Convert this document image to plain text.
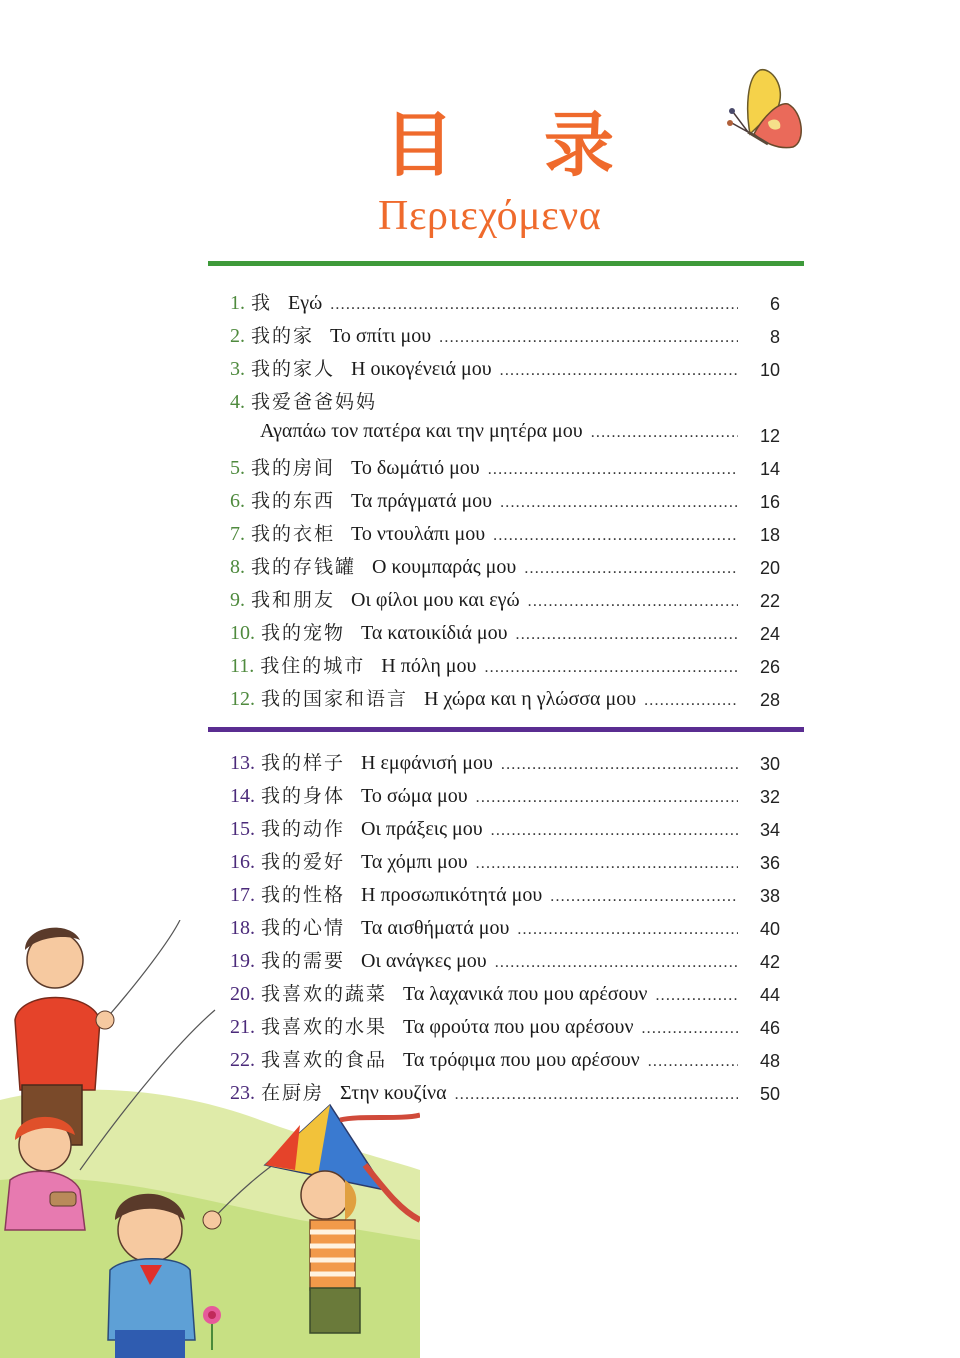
目 录
Περιεχόμενα
1. 我 Εγώ .....	6
2. 我的家 Το σπίτι μου .....	8
3. 我的家人 Η οικογένειά μου .....	10
4. 我爱爸爸妈妈
Αγαπάω τον πατέρα και την μητέρα μου .....	12
5. 我的房间 Το δωμάτιό μου .....	14
6. 我的东西 Τα πράγματά μου .....	16
7. 我的衣柜 Το ντουλάπι μου .....	18
8. 我的存钱罐 Ο κουμπαράς μου .....	20
9. 我和朋友 Οι φίλοι μου και εγώ .....	22
10. 我的宠物 Τα κατοικίδιά μου .....	24
11. 我住的城市 Η πόλη μου .....	26
12. 我的国家和语言 Η χώρα και η γλώσσα μου .....	28
13. 我的样子 Η εμφάνισή μου .....	30
14. 我的身体 Το σώμα μου .....	32
15. 我的动作 Οι πράξεις μου .....	34
16. 我的爱好 Τα χόμπι μου .....	36
17. 我的性格 Η προσωπικότητά μου .....	38
18. 我的心情 Τα αισθήματά μου .....	40
19. 我的需要 Οι ανάγκες μου .....	42
20. 我喜欢的蔬菜 Τα λαχανικά που μου αρέσουν .....	44
21. 我喜欢的水果 Τα φρούτα που μου αρέσουν .....	46
22. 我喜欢的食品 Τα τρόφιμα που μου αρέσουν .....	48
23. 在厨房 Στην κουζίνα .....	50
